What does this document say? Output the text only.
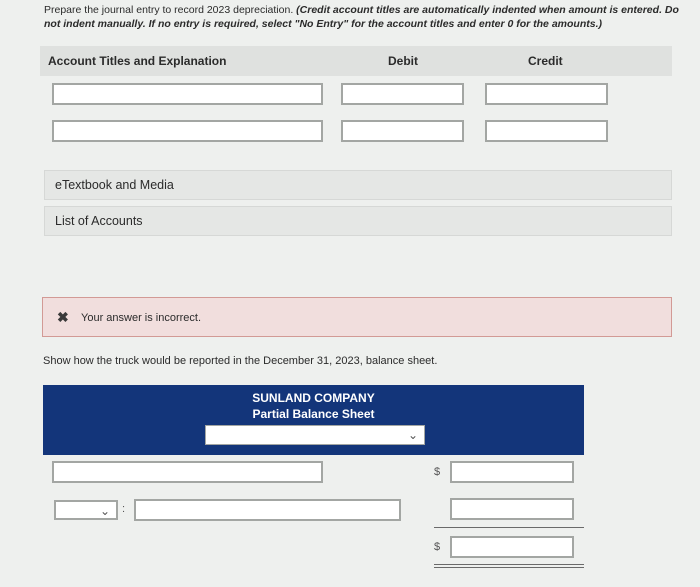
Prepare the journal entry to record 2023 depreciation. (Credit account titles are automatically indented when amount is entered. Do not indent manually. If no entry is required, select "No Entry" for the account titles and enter 0 for the amounts.)
Account Titles and Explanation	Debit	Credit
eTextbook and Media
List of Accounts
✖ Your answer is incorrect.
Show how the truck would be reported in the December 31, 2023, balance sheet.
SUNLAND COMPANY
Partial Balance Sheet
⌄
$
⌄ :
$
